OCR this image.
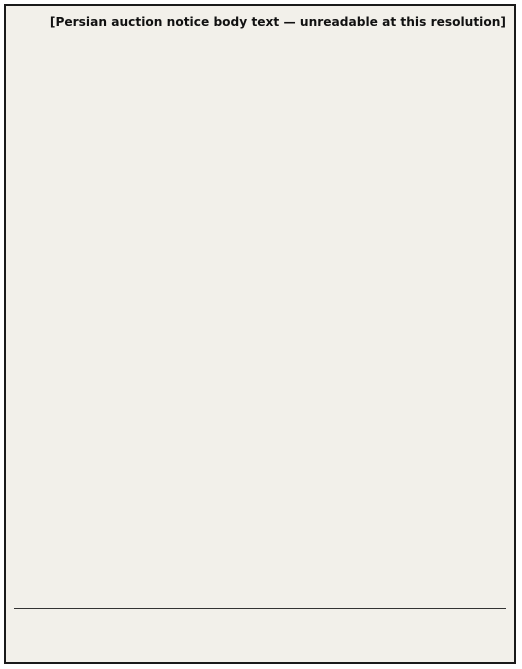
[Persian auction notice body text — unreadable at this resolution]
